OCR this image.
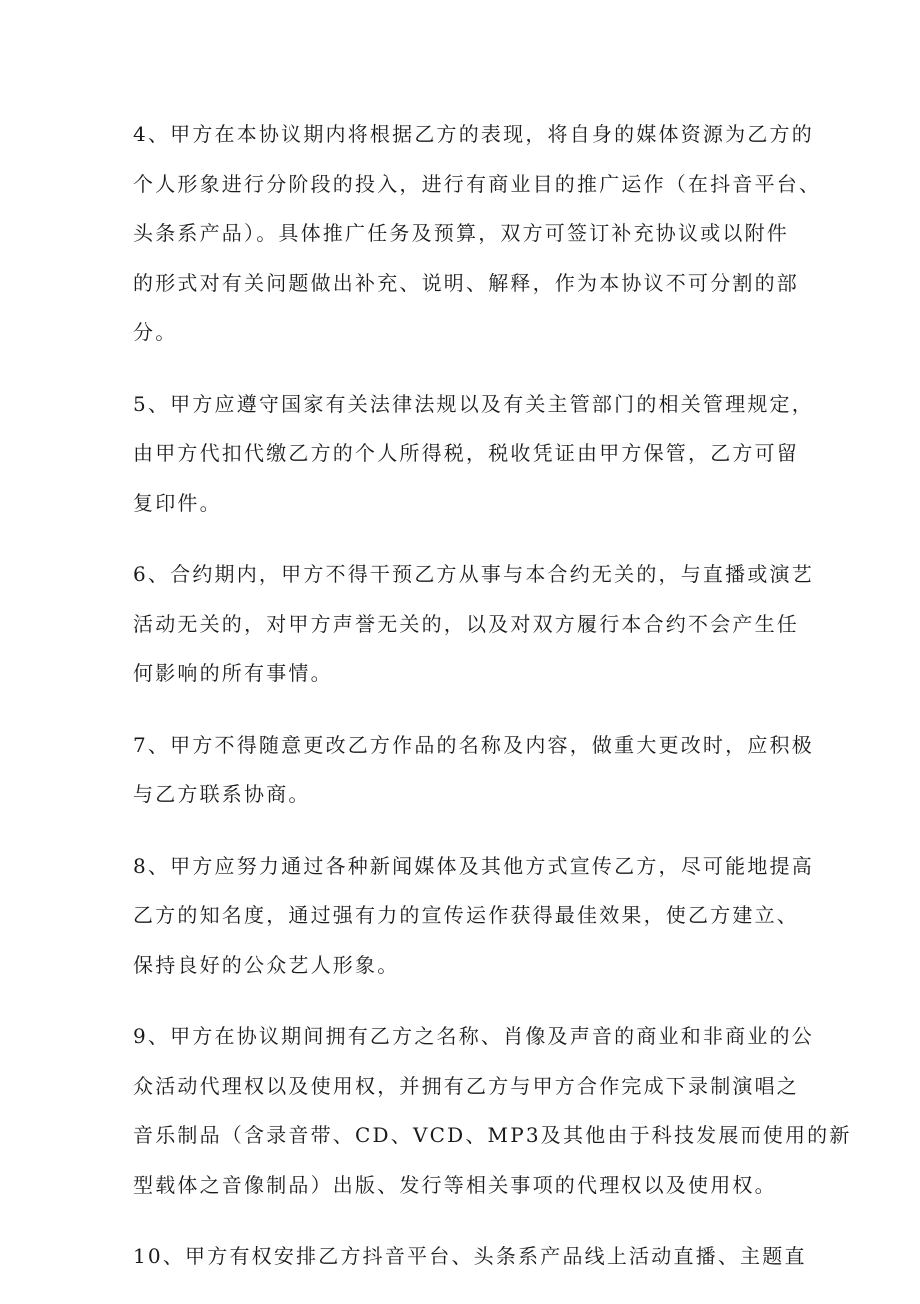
4、甲方在本协议期内将根据乙方的表现，将自身的媒体资源为乙方的
个人形象进行分阶段的投入，进行有商业目的推广运作（在抖音平台、
头条系产品）。具体推广任务及预算，双方可签订补充协议或以附件
的形式对有关问题做出补充、说明、解释，作为本协议不可分割的部
分。
5、甲方应遵守国家有关法律法规以及有关主管部门的相关管理规定，
由甲方代扣代缴乙方的个人所得税，税收凭证由甲方保管，乙方可留
复印件。
6、合约期内，甲方不得干预乙方从事与本合约无关的，与直播或演艺
活动无关的，对甲方声誉无关的，以及对双方履行本合约不会产生任
何影响的所有事情。
7、甲方不得随意更改乙方作品的名称及内容，做重大更改时，应积极
与乙方联系协商。
8、甲方应努力通过各种新闻媒体及其他方式宣传乙方，尽可能地提高
乙方的知名度，通过强有力的宣传运作获得最佳效果，使乙方建立、
保持良好的公众艺人形象。
9、甲方在协议期间拥有乙方之名称、肖像及声音的商业和非商业的公
众活动代理权以及使用权，并拥有乙方与甲方合作完成下录制演唱之
音乐制品（含录音带、CD、VCD、MP3及其他由于科技发展而使用的新
型载体之音像制品）出版、发行等相关事项的代理权以及使用权。
10、甲方有权安排乙方抖音平台、头条系产品线上活动直播、主题直
